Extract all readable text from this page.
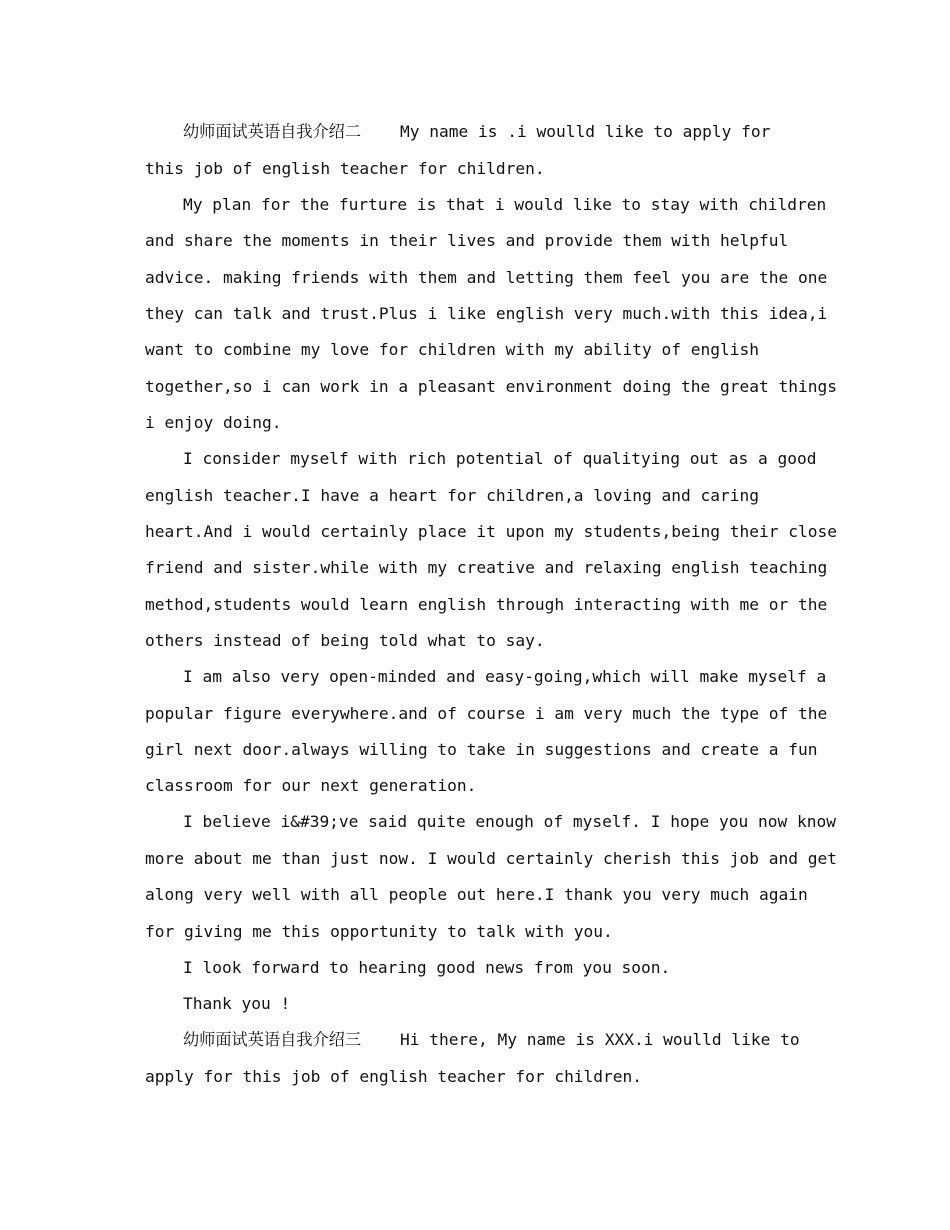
幼师面试英语自我介绍二    My name is .i woulld like to apply for
this job of english teacher for children.
My plan for the furture is that i would like to stay with children
and share the moments in their lives and provide them with helpful
advice. making friends with them and letting them feel you are the one
they can talk and trust.Plus i like english very much.with this idea,i
want to combine my love for children with my ability of english
together,so i can work in a pleasant environment doing the great things
i enjoy doing.
I consider myself with rich potential of qualitying out as a good
english teacher.I have a heart for children,a loving and caring
heart.And i would certainly place it upon my students,being their close
friend and sister.while with my creative and relaxing english teaching
method,students would learn english through interacting with me or the
others instead of being told what to say.
I am also very open-minded and easy-going,which will make myself a
popular figure everywhere.and of course i am very much the type of the
girl next door.always willing to take in suggestions and create a fun
classroom for our next generation.
I believe i&#39;ve said quite enough of myself. I hope you now know
more about me than just now. I would certainly cherish this job and get
along very well with all people out here.I thank you very much again
for giving me this opportunity to talk with you.
I look forward to hearing good news from you soon.
Thank you !
幼师面试英语自我介绍三    Hi there, My name is XXX.i woulld like to
apply for this job of english teacher for children.
